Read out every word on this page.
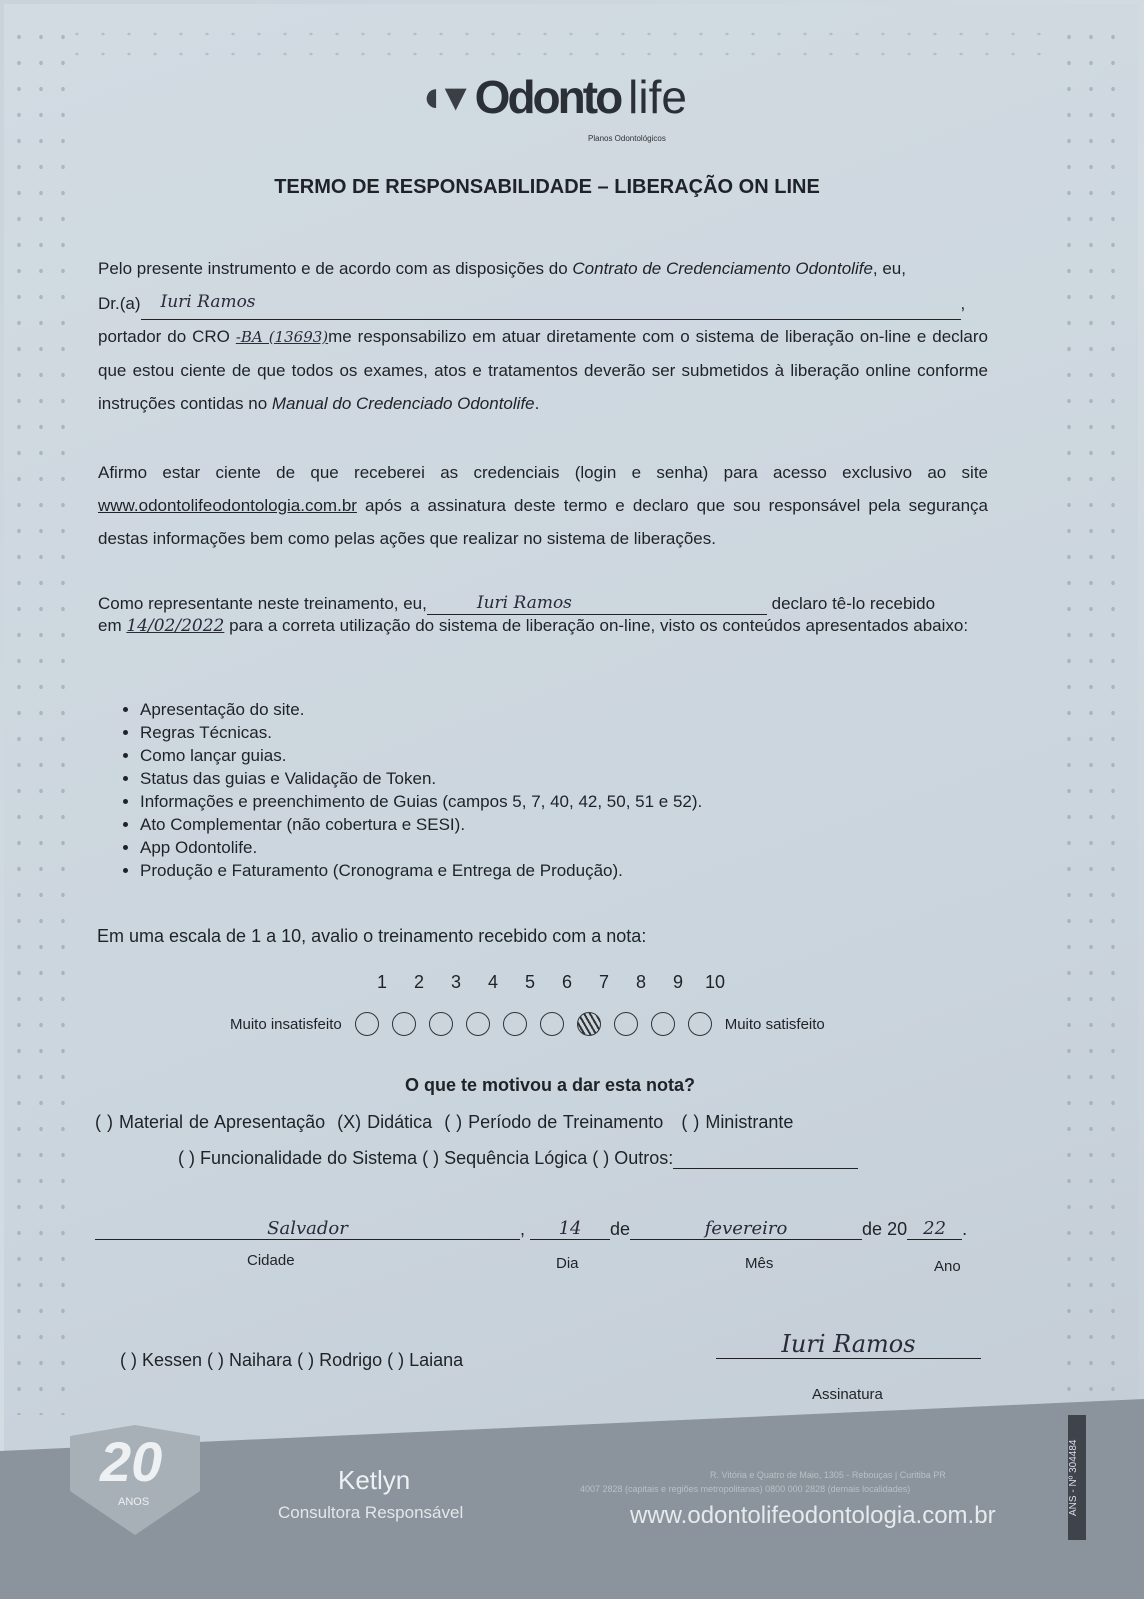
◖▾ Odonto life
Planos Odontológicos
TERMO DE RESPONSABILIDADE – LIBERAÇÃO ON LINE
Pelo presente instrumento e de acordo com as disposições do Contrato de Credenciamento Odontolife, eu,
Dr.(a) Iuri Ramos	,
portador do CRO -BA (13693)me responsabilizo em atuar diretamente com o sistema de liberação on-line e declaro que estou ciente de que todos os exames, atos e tratamentos deverão ser submetidos à liberação online conforme instruções contidas no Manual do Credenciado Odontolife.
Afirmo estar ciente de que receberei as credenciais (login e senha) para acesso exclusivo ao site www.odontolifeodontologia.com.br após a assinatura deste termo e declaro que sou responsável pela segurança destas informações bem como pelas ações que realizar no sistema de liberações.
Como representante neste treinamento, eu,	Iuri Ramos	declaro tê-lo recebido
em 14/02/2022 para a correta utilização do sistema de liberação on-line, visto os conteúdos apresentados abaixo:
• Apresentação do site.
• Regras Técnicas.
• Como lançar guias.
• Status das guias e Validação de Token.
• Informações e preenchimento de Guias (campos 5, 7, 40, 42, 50, 51 e 52).
• Ato Complementar (não cobertura e SESI).
• App Odontolife.
• Produção e Faturamento (Cronograma e Entrega de Produção).
Em uma escala de 1 a 10, avalio o treinamento recebido com a nota:
1	2	3	4	5	6	7	8	9	10
Muito insatisfeito	Muito satisfeito
O que te motivou a dar esta nota?
( ) Material de Apresentação (X) Didática ( ) Período de Treinamento ( ) Ministrante
( ) Funcionalidade do Sistema ( ) Sequência Lógica ( ) Outros:
Salvador	, 14 de	fevereiro	de 20 22 .
Cidade	Dia	Mês	Ano
( ) Kessen ( ) Naihara ( ) Rodrigo ( ) Laiana
Iuri Ramos
Assinatura
20
ANOS
Ketlyn
Consultora Responsável
R. Vitória e Quatro de Maio, 1305 - Rebouças | Curitiba PR
4007 2828 (capitais e regiões metropolitanas) 0800 000 2828 (demais localidades)
www.odontolifeodontologia.com.br	ANS - Nº 304484
